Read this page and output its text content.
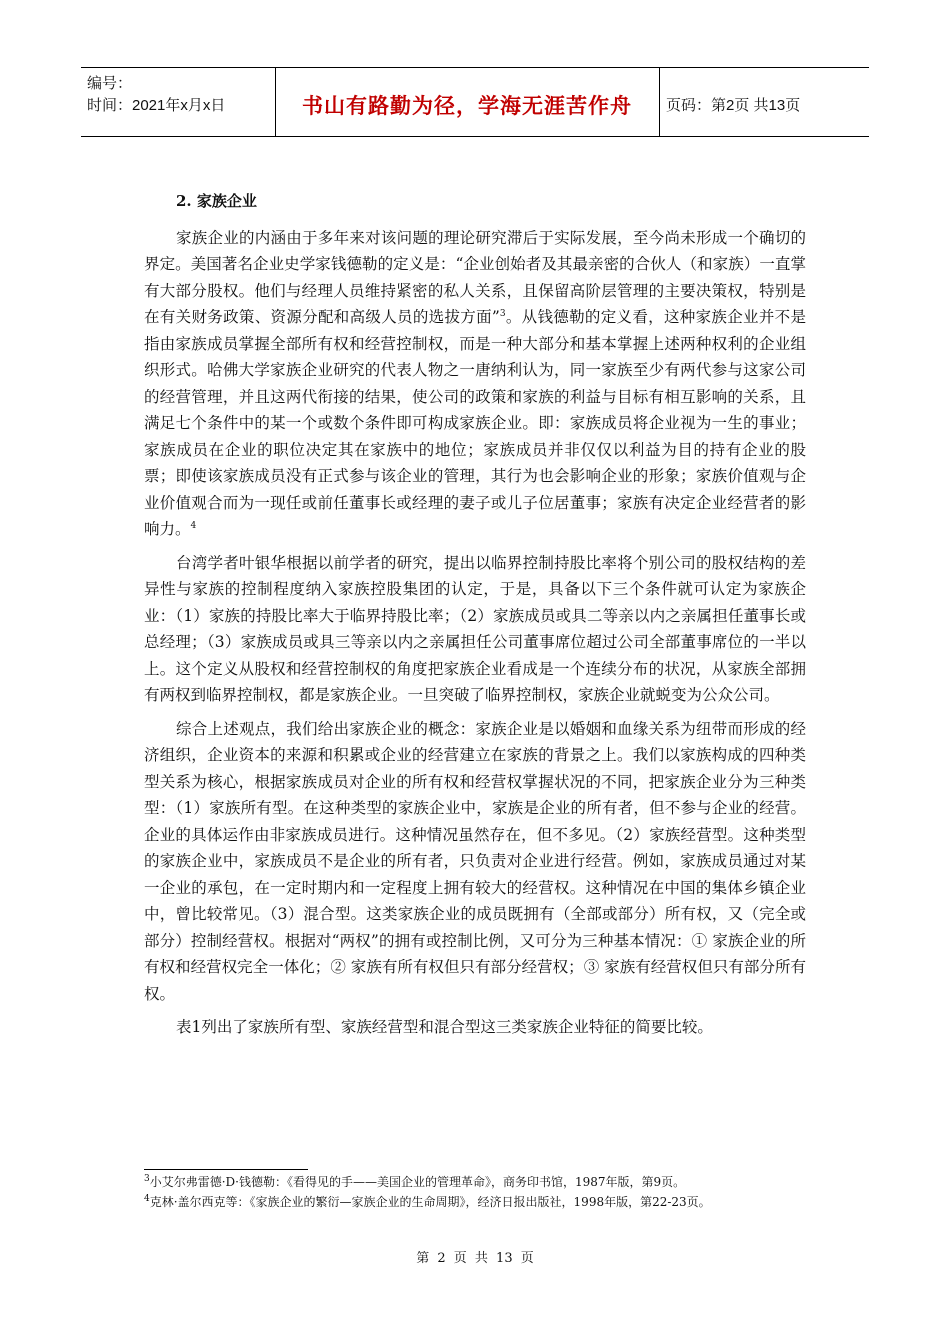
编号：
时间：2021年x月x日	书山有路勤为径，学海无涯苦作舟	页码：第2页 共13页
2. 家族企业

家族企业的内涵由于多年来对该问题的理论研究滞后于实际发展，至今尚未形成一个确切的界定。美国著名企业史学家钱德勒的定义是：“企业创始者及其最亲密的合伙人（和家族）一直掌有大部分股权。他们与经理人员维持紧密的私人关系，且保留高阶层管理的主要决策权，特别是在有关财务政策、资源分配和高级人员的选拔方面”$^3$。从钱德勒的定义看，这种家族企业并不是指由家族成员掌握全部所有权和经营控制权，而是一种大部分和基本掌握上述两种权利的企业组织形式。哈佛大学家族企业研究的代表人物之一唐纳利认为，同一家族至少有两代参与这家公司的经营管理，并且这两代衔接的结果，使公司的政策和家族的利益与目标有相互影响的关系，且满足七个条件中的某一个或数个条件即可构成家族企业。即：家族成员将企业视为一生的事业；家族成员在企业的职位决定其在家族中的地位；家族成员并非仅仅以利益为目的持有企业的股票；即使该家族成员没有正式参与该企业的管理，其行为也会影响企业的形象；家族价值观与企业价值观合而为一现任或前任董事长或经理的妻子或儿子位居董事；家族有决定企业经营者的影响力。$^4$

台湾学者叶银华根据以前学者的研究，提出以临界控制持股比率将个别公司的股权结构的差异性与家族的控制程度纳入家族控股集团的认定，于是，具备以下三个条件就可认定为家族企业：（1）家族的持股比率大于临界持股比率；（2）家族成员或具二等亲以内之亲属担任董事长或总经理；（3）家族成员或具三等亲以内之亲属担任公司董事席位超过公司全部董事席位的一半以上。这个定义从股权和经营控制权的角度把家族企业看成是一个连续分布的状况，从家族全部拥有两权到临界控制权，都是家族企业。一旦突破了临界控制权，家族企业就蜕变为公众公司。

综合上述观点，我们给出家族企业的概念：家族企业是以婚姻和血缘关系为纽带而形成的经济组织，企业资本的来源和积累或企业的经营建立在家族的背景之上。我们以家族构成的四种类型关系为核心，根据家族成员对企业的所有权和经营权掌握状况的不同，把家族企业分为三种类型：（1）家族所有型。在这种类型的家族企业中，家族是企业的所有者，但不参与企业的经营。企业的具体运作由非家族成员进行。这种情况虽然存在，但不多见。（2）家族经营型。这种类型的家族企业中，家族成员不是企业的所有者，只负责对企业进行经营。例如，家族成员通过对某一企业的承包，在一定时期内和一定程度上拥有较大的经营权。这种情况在中国的集体乡镇企业中，曾比较常见。（3）混合型。这类家族企业的成员既拥有（全部或部分）所有权，又（完全或部分）控制经营权。根据对“两权”的拥有或控制比例，又可分为三种基本情况：① 家族企业的所有权和经营权完全一体化；② 家族有所有权但只有部分经营权；③ 家族有经营权但只有部分所有权。

表1列出了家族所有型、家族经营型和混合型这三类家族企业特征的简要比较。

$^3$小艾尔弗雷德·D·钱德勒：《看得见的手——美国企业的管理革命》，商务印书馆，1987年版，第9页。
$^4$克林·盖尔西克等：《家族企业的繁衍—家族企业的生命周期》，经济日报出版社，1998年版，第22-23页。
第 2 页 共 13 页
